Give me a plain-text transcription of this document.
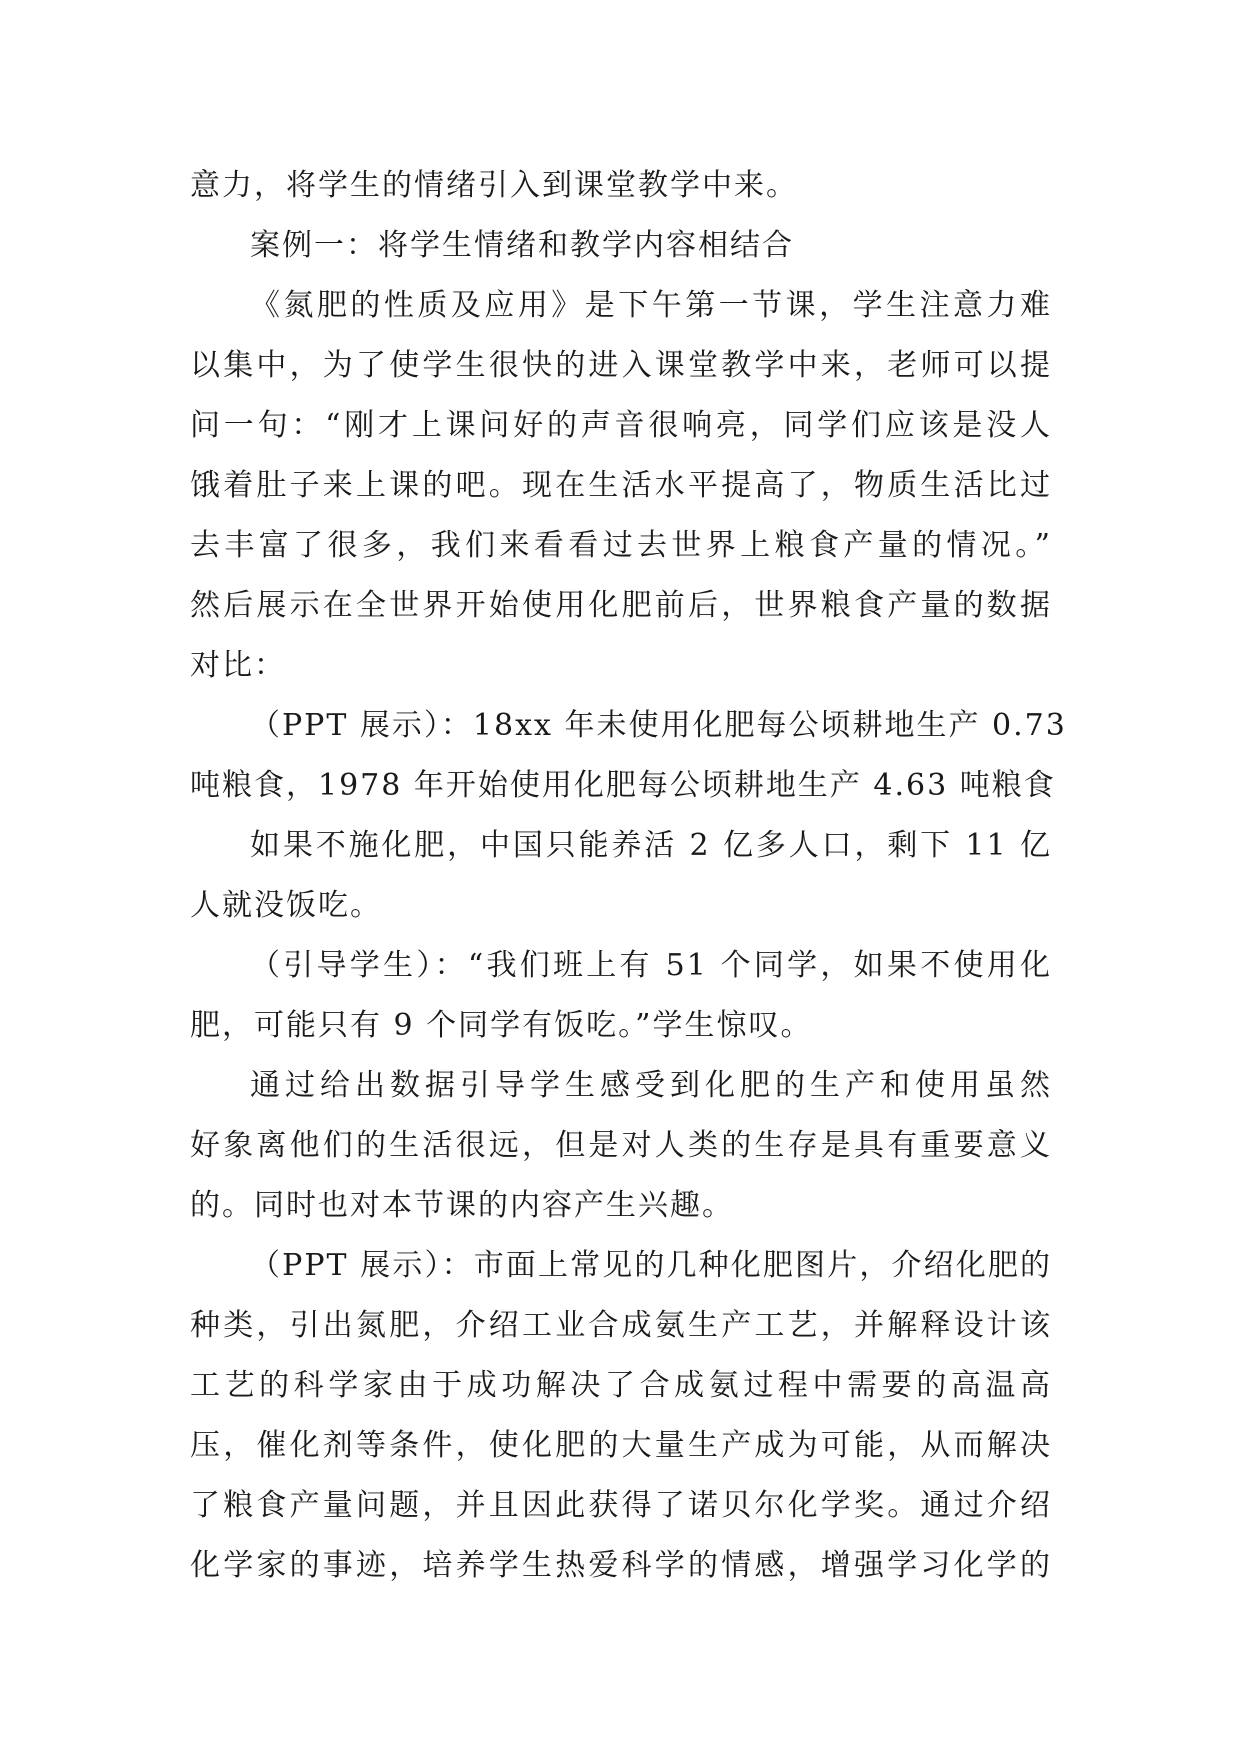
意力，将学生的情绪引入到课堂教学中来。
案例一：将学生情绪和教学内容相结合
《氮肥的性质及应用》是下午第一节课，学生注意力难
以集中，为了使学生很快的进入课堂教学中来，老师可以提
问一句：“刚才上课问好的声音很响亮，同学们应该是没人
饿着肚子来上课的吧。现在生活水平提高了，物质生活比过
去丰富了很多，我们来看看过去世界上粮食产量的情况。”
然后展示在全世界开始使用化肥前后，世界粮食产量的数据
对比：
（PPT 展示）：18xx 年未使用化肥每公顷耕地生产 0.73
吨粮食，1978 年开始使用化肥每公顷耕地生产 4.63 吨粮食
如果不施化肥，中国只能养活 2 亿多人口，剩下 11 亿
人就没饭吃。
（引导学生）：“我们班上有 51 个同学，如果不使用化
肥，可能只有 9 个同学有饭吃。”学生惊叹。
通过给出数据引导学生感受到化肥的生产和使用虽然
好象离他们的生活很远，但是对人类的生存是具有重要意义
的。同时也对本节课的内容产生兴趣。
（PPT 展示）：市面上常见的几种化肥图片，介绍化肥的
种类，引出氮肥，介绍工业合成氨生产工艺，并解释设计该
工艺的科学家由于成功解决了合成氨过程中需要的高温高
压，催化剂等条件，使化肥的大量生产成为可能，从而解决
了粮食产量问题，并且因此获得了诺贝尔化学奖。通过介绍
化学家的事迹，培养学生热爱科学的情感，增强学习化学的
